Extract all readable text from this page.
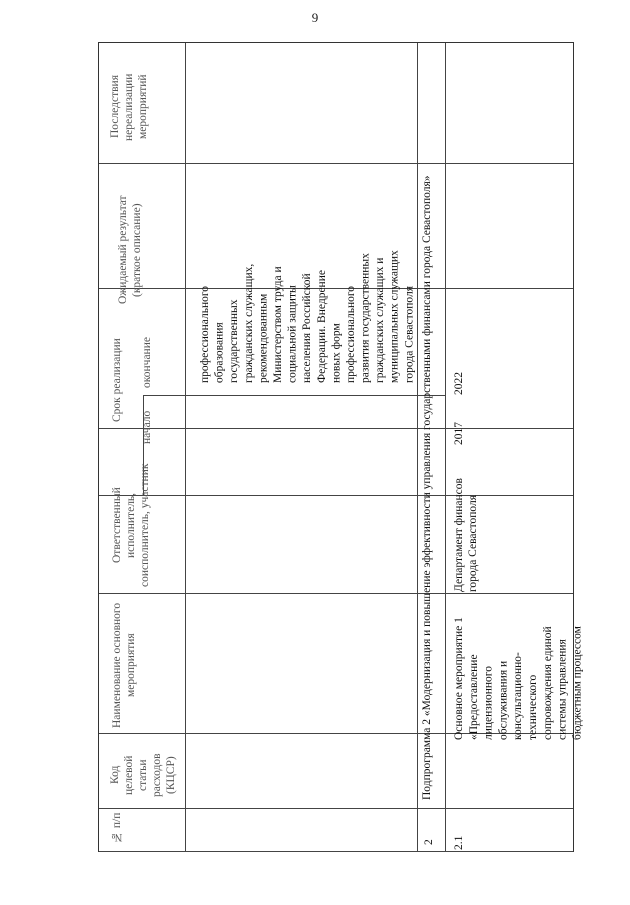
9
Последствия нереализации мероприятий
Ожидаемый результат (краткое описание)
Срок реализации окончание
начало
Ответственный исполнитель, соисполнитель, участник
Наименование основного мероприятия
Код целевой статьи расходов (КЦСР)
№ п/п
профессионального образования государственных гражданских служащих, рекомендованным Министерством труда и социальной защиты населения Российской Федерации. Внедрение новых форм профессионального развития государственных гражданских служащих и муниципальных служащих города Севастополя Подпрограмма 2 «Модернизация и повышение эффективности управления государственными финансами города Севастополя»
2 2.1
Основное мероприятие 1 «Предоставление лицензионного обслуживания и консультационно- технического сопровождения единой системы управления бюджетным процессом
Департамент финансов города Севастополя
2017
2022
